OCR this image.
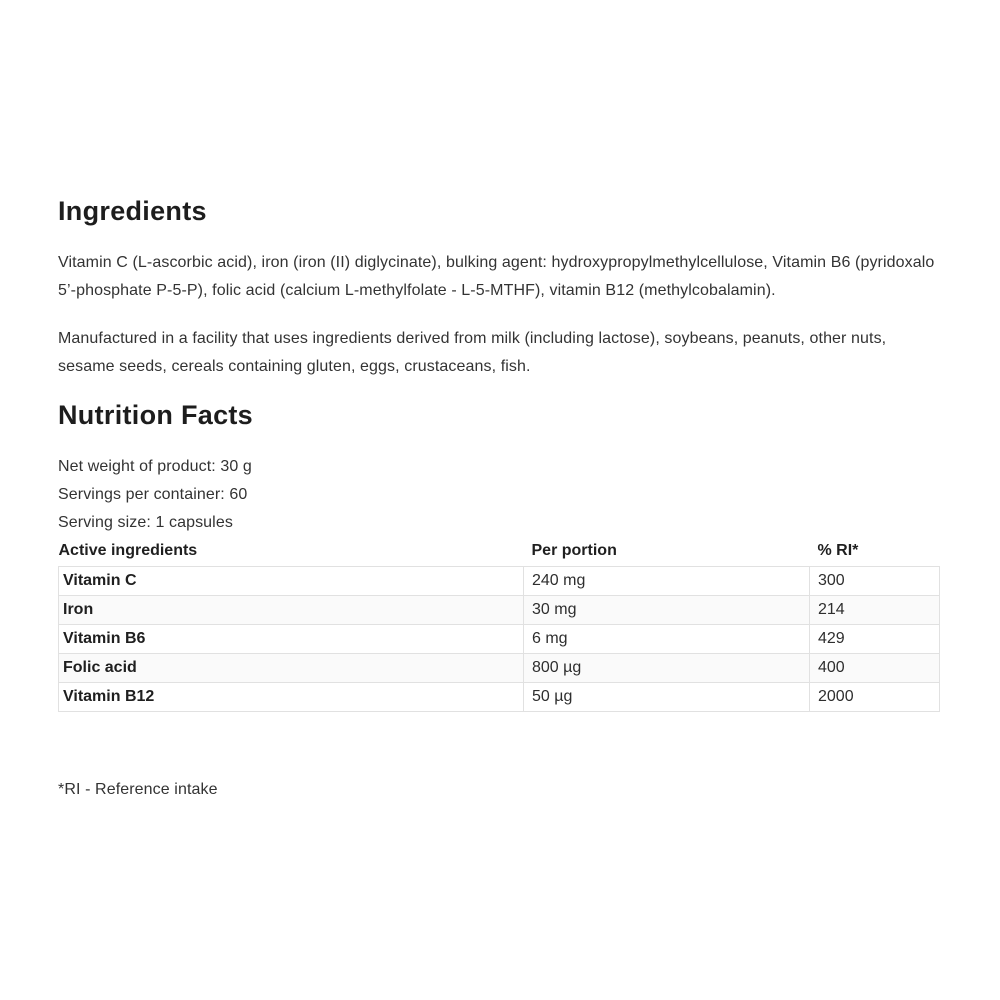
Ingredients

Vitamin C (L-ascorbic acid), iron (iron (II) diglycinate), bulking agent: hydroxypropylmethylcellulose, Vitamin B6 (pyridoxalo 5’-phosphate P-5-P), folic acid (calcium L-methylfolate - L-5-MTHF), vitamin B12 (methylcobalamin).

Manufactured in a facility that uses ingredients derived from milk (including lactose), soybeans, peanuts, other nuts, sesame seeds, cereals containing gluten, eggs, crustaceans, fish.

Nutrition Facts

Net weight of product: 30 g

Servings per container: 60

Serving size: 1 capsules

Active ingredients	Per portion	% RI*
Vitamin C	240 mg	300
Iron	30 mg	214
Vitamin B6	6 mg	429
Folic acid	800 µg	400
Vitamin B12	50 µg	2000

*RI - Reference intake
